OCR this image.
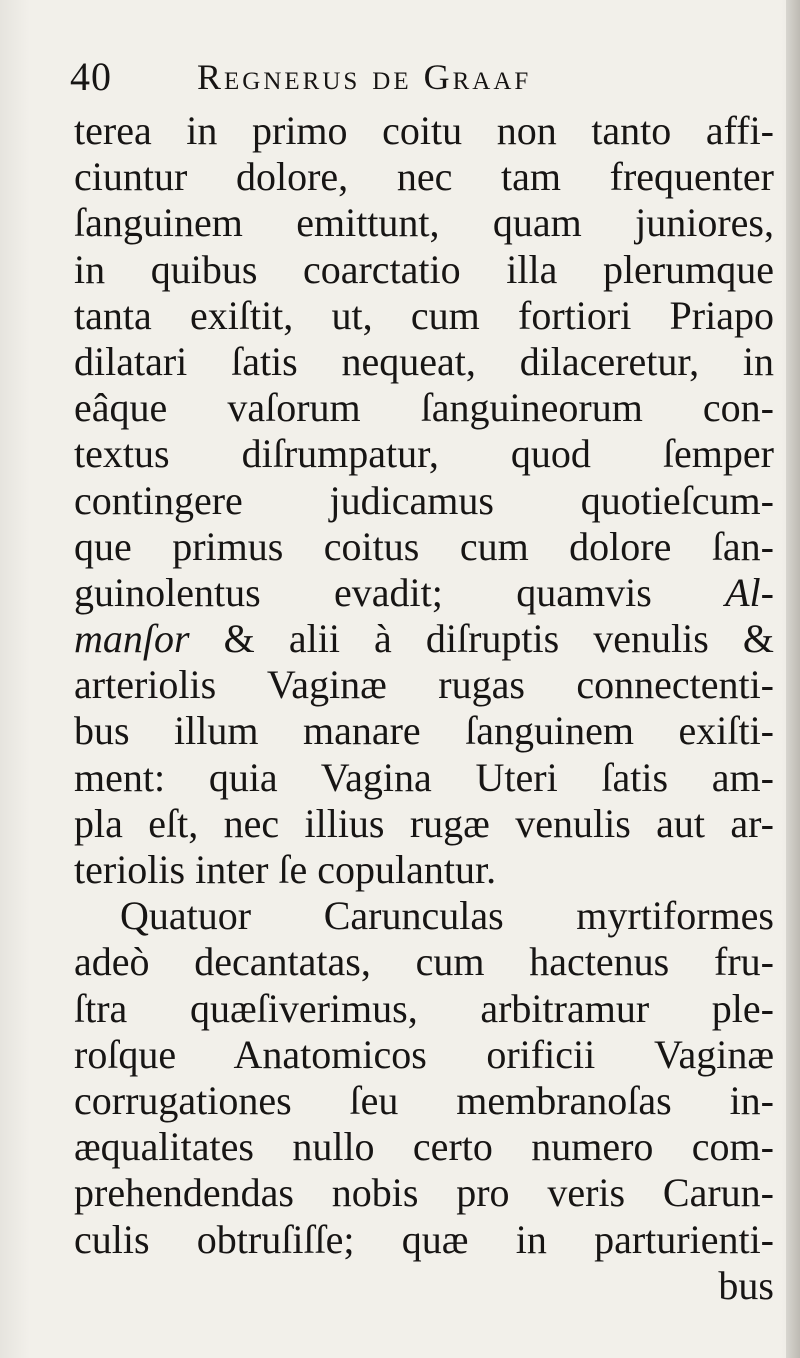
40 Regnerus de Graaf
terea in primo coitu non tanto affi-
ciuntur dolore, nec tam frequenter
ſanguinem emittunt, quam juniores,
in quibus coarctatio illa plerumque
tanta exiſtit, ut, cum fortiori Priapo
dilatari ſatis nequeat, dilaceretur, in
eâque vaſorum ſanguineorum con-
textus diſrumpatur, quod ſemper
contingere judicamus quotieſcum-
que primus coitus cum dolore ſan-
guinolentus evadit; quamvis Al-
manſor & alii à diſruptis venulis &
arteriolis Vaginæ rugas connectenti-
bus illum manare ſanguinem exiſti-
ment: quia Vagina Uteri ſatis am-
pla eſt, nec illius rugæ venulis aut ar-
teriolis inter ſe copulantur.
Quatuor Carunculas myrtiformes
adeò decantatas, cum hactenus fru-
ſtra quæſiverimus, arbitramur ple-
roſque Anatomicos orificii Vaginæ
corrugationes ſeu membranoſas in-
æqualitates nullo certo numero com-
prehendendas nobis pro veris Carun-
culis obtruſiſſe; quæ in parturienti-
bus
